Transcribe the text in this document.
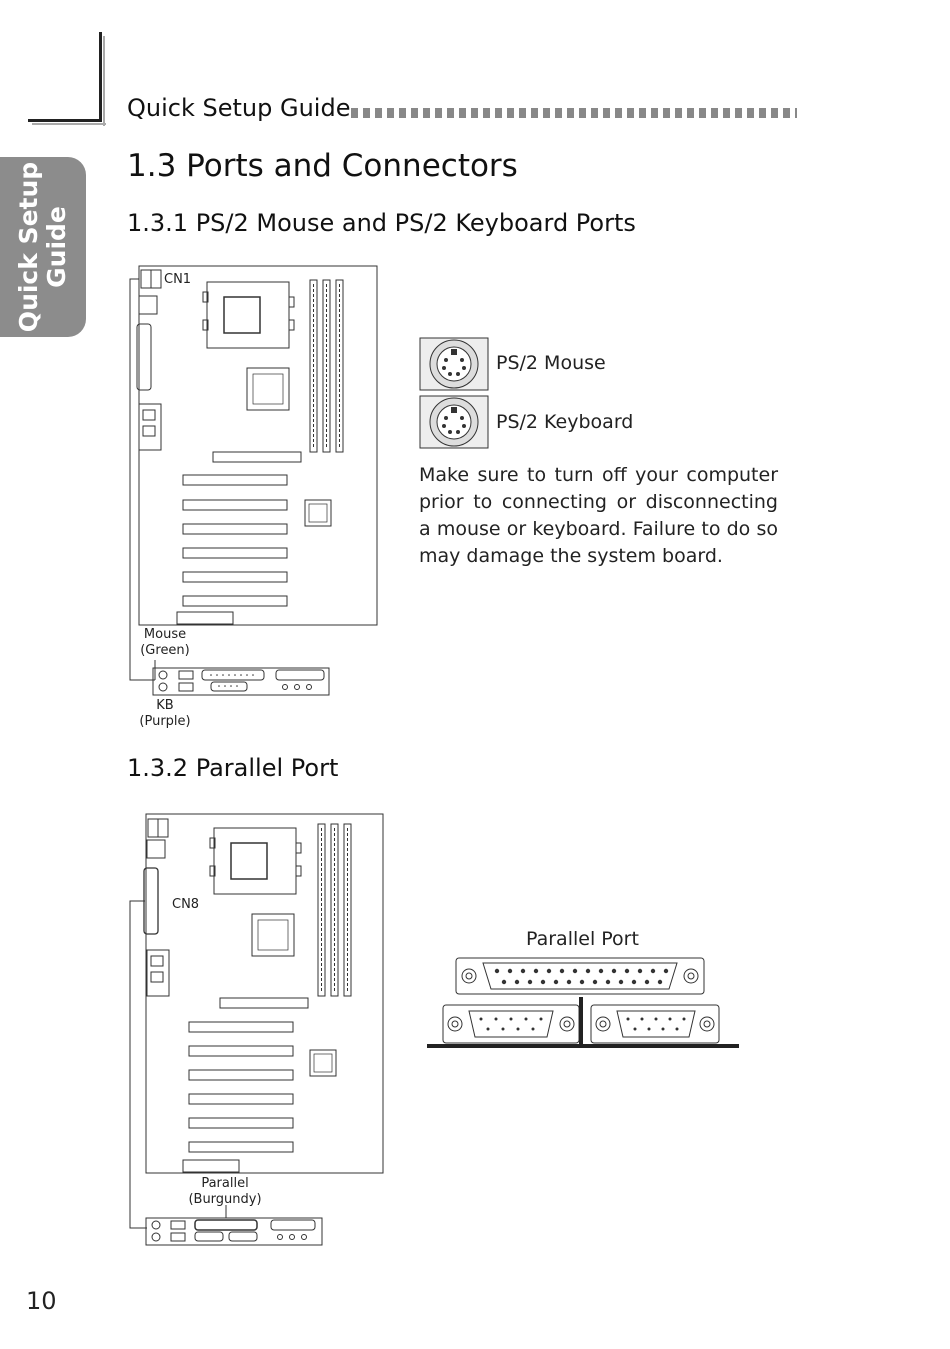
Quick Setup Guide
Quick Setup Guide
1.3 Ports and Connectors
1.3.1 PS/2 Mouse and PS/2 Keyboard Ports
CN1
Mouse
(Green)
KB
(Purple)
PS/2 Mouse
PS/2 Keyboard
Make sure to turn off your computer prior to connecting or disconnecting a mouse or keyboard. Failure to do so may damage the system board.
1.3.2 Parallel Port
CN8
Parallel
(Burgundy)
Parallel Port
10
